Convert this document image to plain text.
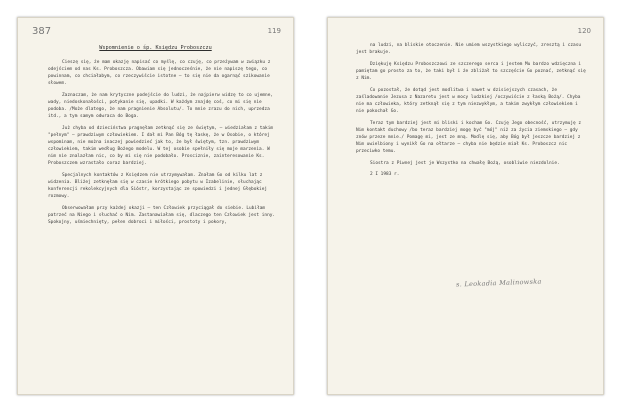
387	119
Wspomnienie o śp. Księdzu Proboszczu

Cieszę się, że mam okazję napisać co myślę, co czuję, co przeżywam w związku z odejściem od nas Ks. Proboszcza. Obawiam się jednocześnie, że nie napiszę tego, co powinnam, co chciałabym, co rzeczywiście istotne – to się nie da ogarnąć szikowanie słowem.

Zaznaczam, że nam krytyczne podejście do ludzi, że najpierw widzę to co ujemne, wady, niedoskonałości, potykanie się, upadki. W każdym znajdę coś, co mi się nie podoba. /Może dlatego, że nam pragnienie Absolutu/. To mnie zrazu do nich, uprzedza itd., a tym samym odwraca do Boga.

Już chyba od dzieciństwa pragnęłam zetknąć się ze świętym, – wiedziałam z takim "pełnym" – prawdziwym człowiekiem. I dał mi Pan Bóg tę łaskę, że w Osobie, o której wspominam, nie można inaczej powiedzieć jak to, że był świętym, tzn. prawdziwym człowiekiem, takim według Bożego modelu. W tej osobie spełniły się moje marzenia. W nim nie znalazłam nic, co by mi się nie podobało. Prosciznie, zainteresowanie Ks. Proboszczem wzrastało coraz bardziej.

Specjalnych kontaktów z Księdzem nie utrzymywałam. Znałam Go od kilku lat z widzenia. Bliżej zetknęłam się w czasie krótkiego pobytu w Izabelinie, słuchając konferencji rekolekcyjnych dla Sióstr, korzystając ze spowiedzi i jednej Głębokiej rozmowy.

Obserwowałam przy każdej okazji – ten Człowiek przyciągał do siebie. Lubiłam patrzeć na Niego i słuchać o Nim. Zastanawiałam się, dlaczego ten Człowiek jest inny. Spokojny, uśmiechnięty, pełen dobroci i miłości, prostoty i pokory,

120

na ludzi, na bliskie otoczenie. Nie umiem wszystkiego wyliczyć, zresztą i czasu jest brakuje.

Dziękuję Księdzu Proboszczowi ze szczerego serca i jestem Mu bardzo wdzięczna i pamiętam go prosto za to, że taki był i że zbliżał to szczęście Go poznać, zetknąć się z Nim.

Co pozostał, że dotąd jest modlitwa i nawet w dzisiejszych czasach, że zaśladowanie Jezusa z Nazaretu jest w mocy ludzkiej /oczywiście z łaską Bożą/. Chyba nie ma człowieka, który zetknął się z tym niezwykłym, a takim zwykłym człowiekiem i nie pokochał Go.

Teraz tym bardziej jest mi bliski i kocham Go. Czuję Jego obecność, utrzymuję z Nim kontakt duchowy /bo teraz bardziej mogę być "mój" niż za życia ziemskiego – gdy znów przeze mnie./ Pomagę mi, jest ze mną. Modlę się, aby Bóg był jeszcze bardziej z Nim uwielbiony i wynikł Go na ołtarze – chyba nie będzie miał Ks. Proboszcz nic przeciwko temu.

Siostra z Piwnej jest je Wszystko na chwałę Bożą, osobliwie niezdolnie.

2 I 1983 r.

s. Leokadia Malinowska
